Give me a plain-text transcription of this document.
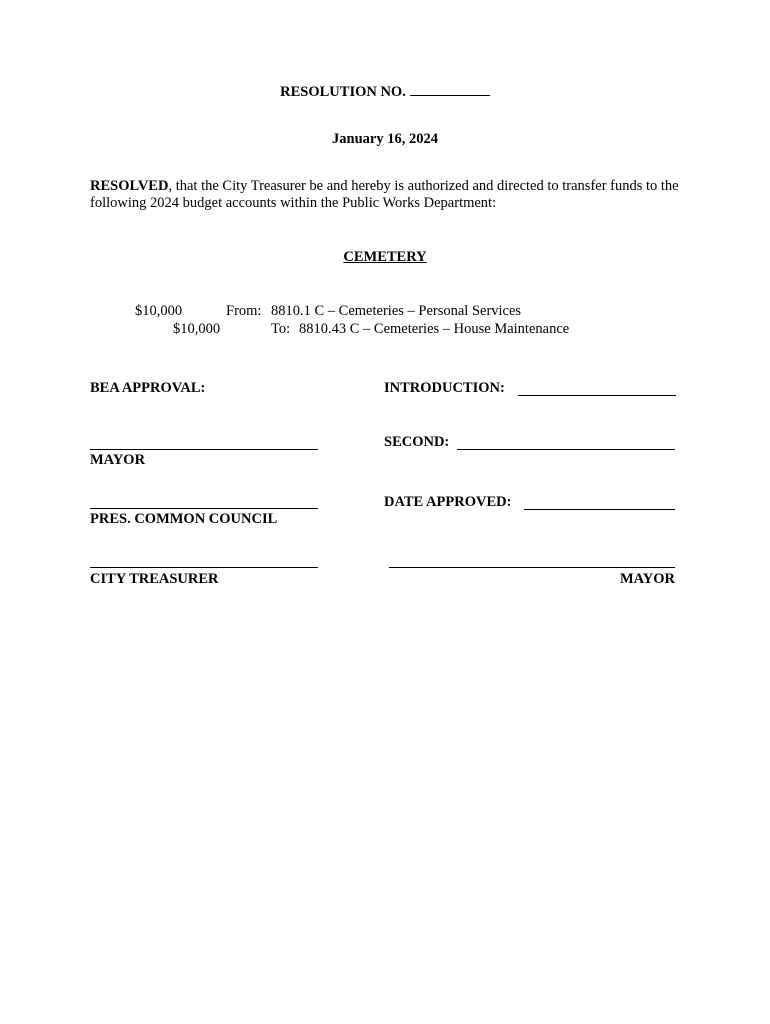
RESOLUTION NO.
January 16, 2024
RESOLVED, that the City Treasurer be and hereby is authorized and directed to transfer funds to the following 2024 budget accounts within the Public Works Department:
CEMETERY
$10,000	From: 8810.1 C – Cemeteries – Personal Services
$10,000	To: 8810.43 C – Cemeteries – House Maintenance
BEA APPROVAL:	INTRODUCTION:
MAYOR
SECOND:
PRES. COMMON COUNCIL
DATE APPROVED:
CITY TREASURER	MAYOR
